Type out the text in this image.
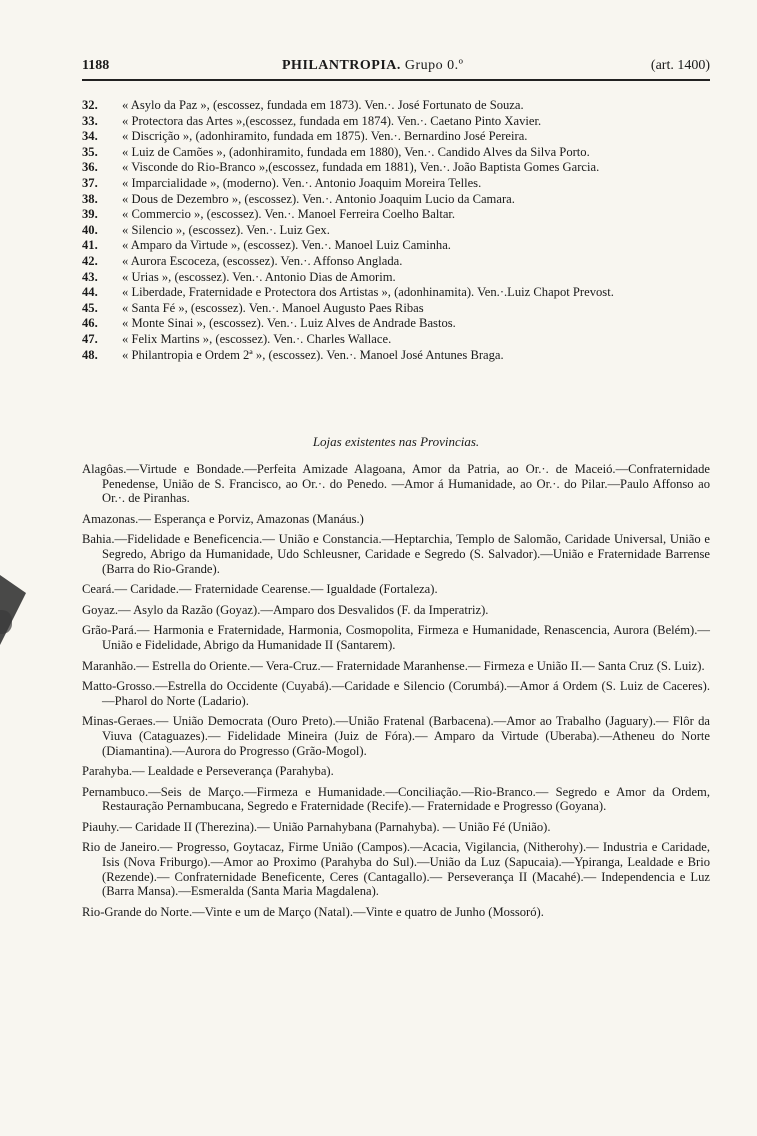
1188	PHILANTROPIA. Grupo 0.º	(art. 1400)
32. « Asylo da Paz », (escossez, fundada em 1873). Ven.·. José Fortunato de Souza.
33. « Protectora das Artes »,(escossez, fundada em 1874). Ven.·. Caetano Pinto Xavier.
34. « Discrição », (adonhiramito, fundada em 1875). Ven.·. Bernardino José Pereira.
35. « Luiz de Camões », (adonhiramito, fundada em 1880), Ven.·. Candido Alves da Silva Porto.
36. « Visconde do Rio-Branco »,(escossez, fundada em 1881), Ven.·. João Baptista Gomes Garcia.
37. « Imparcialidade », (moderno). Ven.·. Antonio Joaquim Moreira Telles.
38. « Dous de Dezembro », (escossez). Ven.·. Antonio Joaquim Lucio da Camara.
39. « Commercio », (escossez). Ven.·. Manoel Ferreira Coelho Baltar.
40. « Silencio », (escossez). Ven.·. Luiz Gex.
41. « Amparo da Virtude », (escossez). Ven.·. Manoel Luiz Caminha.
42. « Aurora Escoceza, (escossez). Ven.·. Affonso Anglada.
43. « Urias », (escossez). Ven.·. Antonio Dias de Amorim.
44. « Liberdade, Fraternidade e Protectora dos Artistas », (adonhinamita). Ven.·.Luiz Chapot Prevost.
45. « Santa Fé », (escossez). Ven.·. Manoel Augusto Paes Ribas
46. « Monte Sinai », (escossez). Ven.·. Luiz Alves de Andrade Bastos.
47. « Felix Martins », (escossez). Ven.·. Charles Wallace.
48. « Philantropia e Ordem 2ª », (escossez). Ven.·. Manoel José Antunes Braga.
Lojas existentes nas Provincias.
Alagôas.—Virtude e Bondade.—Perfeita Amizade Alagoana, Amor da Patria, ao Or.·. de Maceió.—Confraternidade Penedense, União de S. Francisco, ao Or.·. do Penedo. —Amor á Humanidade, ao Or.·. do Pilar.—Paulo Affonso ao Or.·. de Piranhas.
Amazonas.— Esperança e Porviz, Amazonas (Manáus.)
Bahia.—Fidelidade e Beneficencia.— União e Constancia.—Heptarchia, Templo de Salomão, Caridade Universal, União e Segredo, Abrigo da Humanidade, Udo Schleusner, Caridade e Segredo (S. Salvador).—União e Fraternidade Barrense (Barra do Rio-Grande).
Ceará.— Caridade.— Fraternidade Cearense.— Igualdade (Fortaleza).
Goyaz.— Asylo da Razão (Goyaz).—Amparo dos Desvalidos (F. da Imperatriz).
Grão-Pará.— Harmonia e Fraternidade, Harmonia, Cosmopolita, Firmeza e Humanidade, Renascencia, Aurora (Belém).— União e Fidelidade, Abrigo da Humanidade II (Santarem).
Maranhão.— Estrella do Oriente.— Vera-Cruz.— Fraternidade Maranhense.— Firmeza e União II.— Santa Cruz (S. Luiz).
Matto-Grosso.—Estrella do Occidente (Cuyabá).—Caridade e Silencio (Corumbá).—Amor á Ordem (S. Luiz de Caceres).—Pharol do Norte (Ladario).
Minas-Geraes.— União Democrata (Ouro Preto).—União Fratenal (Barbacena).—Amor ao Trabalho (Jaguary).— Flôr da Viuva (Cataguazes).— Fidelidade Mineira (Juiz de Fóra).— Amparo da Virtude (Uberaba).—Atheneu do Norte (Diamantina).—Aurora do Progresso (Grão-Mogol).
Parahyba.— Lealdade e Perseverança (Parahyba).
Pernambuco.—Seis de Março.—Firmeza e Humanidade.—Conciliação.—Rio-Branco.— Segredo e Amor da Ordem, Restauração Pernambucana, Segredo e Fraternidade (Recife).— Fraternidade e Progresso (Goyana).
Piauhy.— Caridade II (Therezina).— União Parnahybana (Parnahyba). — União Fé (União).
Rio de Janeiro.— Progresso, Goytacaz, Firme União (Campos).—Acacia, Vigilancia, (Nitherohy).— Industria e Caridade, Isis (Nova Friburgo).—Amor ao Proximo (Parahyba do Sul).—União da Luz (Sapucaia).—Ypiranga, Lealdade e Brio (Rezende).— Confraternidade Beneficente, Ceres (Cantagallo).— Perseverança II (Macahé).— Independencia e Luz (Barra Mansa).—Esmeralda (Santa Maria Magdalena).
Rio-Grande do Norte.—Vinte e um de Março (Natal).—Vinte e quatro de Junho (Mossoró).
